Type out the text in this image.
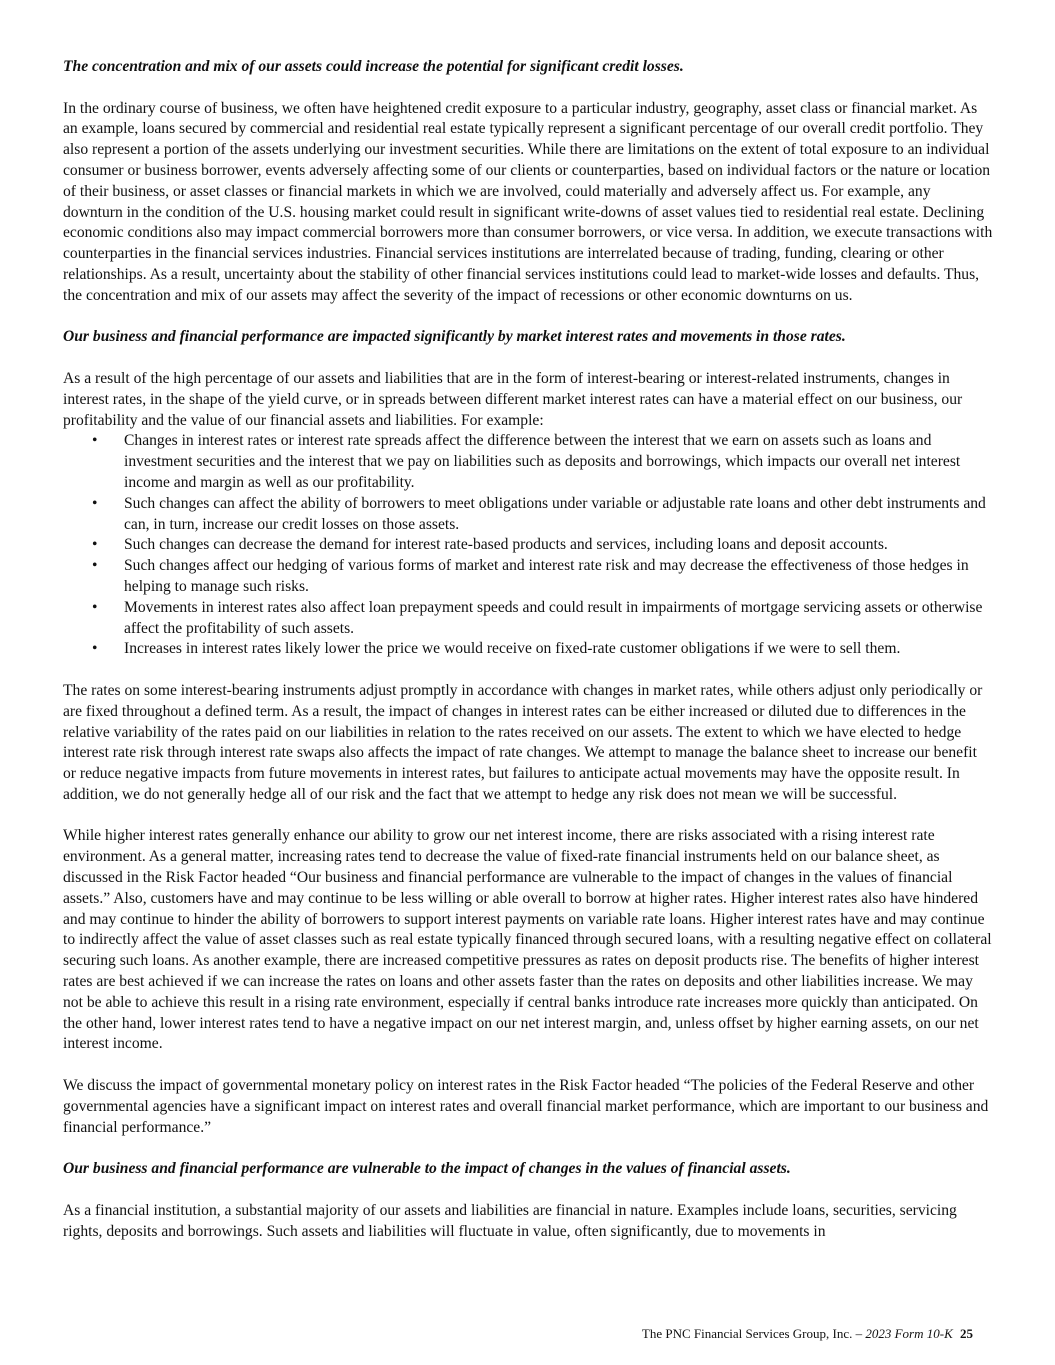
The concentration and mix of our assets could increase the potential for significant credit losses.

In the ordinary course of business, we often have heightened credit exposure to a particular industry, geography, asset class or financial market. As an example, loans secured by commercial and residential real estate typically represent a significant percentage of our overall credit portfolio. They also represent a portion of the assets underlying our investment securities. While there are limitations on the extent of total exposure to an individual consumer or business borrower, events adversely affecting some of our clients or counterparties, based on individual factors or the nature or location of their business, or asset classes or financial markets in which we are involved, could materially and adversely affect us. For example, any downturn in the condition of the U.S. housing market could result in significant write-downs of asset values tied to residential real estate. Declining economic conditions also may impact commercial borrowers more than consumer borrowers, or vice versa. In addition, we execute transactions with counterparties in the financial services industries. Financial services institutions are interrelated because of trading, funding, clearing or other relationships. As a result, uncertainty about the stability of other financial services institutions could lead to market-wide losses and defaults. Thus, the concentration and mix of our assets may affect the severity of the impact of recessions or other economic downturns on us.

Our business and financial performance are impacted significantly by market interest rates and movements in those rates.

As a result of the high percentage of our assets and liabilities that are in the form of interest-bearing or interest-related instruments, changes in interest rates, in the shape of the yield curve, or in spreads between different market interest rates can have a material effect on our business, our profitability and the value of our financial assets and liabilities. For example:

• Changes in interest rates or interest rate spreads affect the difference between the interest that we earn on assets such as loans and investment securities and the interest that we pay on liabilities such as deposits and borrowings, which impacts our overall net interest income and margin as well as our profitability.
• Such changes can affect the ability of borrowers to meet obligations under variable or adjustable rate loans and other debt instruments and can, in turn, increase our credit losses on those assets.
• Such changes can decrease the demand for interest rate-based products and services, including loans and deposit accounts.
• Such changes affect our hedging of various forms of market and interest rate risk and may decrease the effectiveness of those hedges in helping to manage such risks.
• Movements in interest rates also affect loan prepayment speeds and could result in impairments of mortgage servicing assets or otherwise affect the profitability of such assets.
• Increases in interest rates likely lower the price we would receive on fixed-rate customer obligations if we were to sell them.

The rates on some interest-bearing instruments adjust promptly in accordance with changes in market rates, while others adjust only periodically or are fixed throughout a defined term. As a result, the impact of changes in interest rates can be either increased or diluted due to differences in the relative variability of the rates paid on our liabilities in relation to the rates received on our assets. The extent to which we have elected to hedge interest rate risk through interest rate swaps also affects the impact of rate changes. We attempt to manage the balance sheet to increase our benefit or reduce negative impacts from future movements in interest rates, but failures to anticipate actual movements may have the opposite result. In addition, we do not generally hedge all of our risk and the fact that we attempt to hedge any risk does not mean we will be successful.

While higher interest rates generally enhance our ability to grow our net interest income, there are risks associated with a rising interest rate environment. As a general matter, increasing rates tend to decrease the value of fixed-rate financial instruments held on our balance sheet, as discussed in the Risk Factor headed “Our business and financial performance are vulnerable to the impact of changes in the values of financial assets.” Also, customers have and may continue to be less willing or able overall to borrow at higher rates. Higher interest rates also have hindered and may continue to hinder the ability of borrowers to support interest payments on variable rate loans. Higher interest rates have and may continue to indirectly affect the value of asset classes such as real estate typically financed through secured loans, with a resulting negative effect on collateral securing such loans. As another example, there are increased competitive pressures as rates on deposit products rise. The benefits of higher interest rates are best achieved if we can increase the rates on loans and other assets faster than the rates on deposits and other liabilities increase. We may not be able to achieve this result in a rising rate environment, especially if central banks introduce rate increases more quickly than anticipated. On the other hand, lower interest rates tend to have a negative impact on our net interest margin, and, unless offset by higher earning assets, on our net interest income.

We discuss the impact of governmental monetary policy on interest rates in the Risk Factor headed “The policies of the Federal Reserve and other governmental agencies have a significant impact on interest rates and overall financial market performance, which are important to our business and financial performance.”

Our business and financial performance are vulnerable to the impact of changes in the values of financial assets.

As a financial institution, a substantial majority of our assets and liabilities are financial in nature. Examples include loans, securities, servicing rights, deposits and borrowings. Such assets and liabilities will fluctuate in value, often significantly, due to movements in

The PNC Financial Services Group, Inc. – 2023 Form 10-K 25
